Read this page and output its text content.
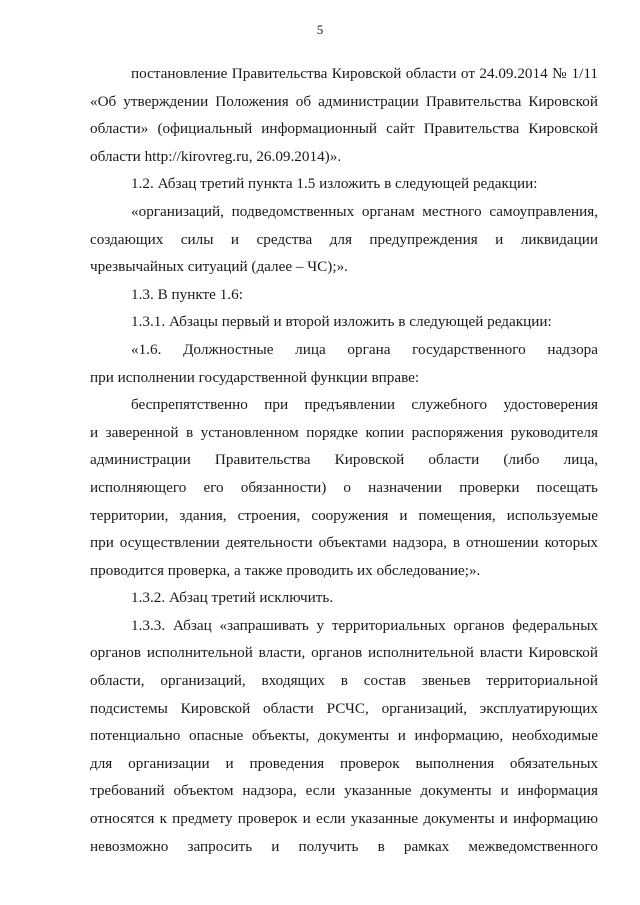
5
постановление Правительства Кировской области от 24.09.2014 № 1/11
«Об утверждении Положения об администрации Правительства Кировской
области» (официальный информационный сайт Правительства Кировской
области http://kirovreg.ru, 26.09.2014)».
1.2. Абзац третий пункта 1.5 изложить в следующей редакции:
«организаций, подведомственных органам местного самоуправления,
создающих силы и средства для предупреждения и ликвидации
чрезвычайных ситуаций (далее – ЧС);».
1.3. В пункте 1.6:
1.3.1. Абзацы первый и второй изложить в следующей редакции:
«1.6. Должностные лица органа государственного надзора
при исполнении государственной функции вправе:
беспрепятственно при предъявлении служебного удостоверения
и заверенной в установленном порядке копии распоряжения руководителя
администрации Правительства Кировской области (либо лица,
исполняющего его обязанности) о назначении проверки посещать
территории, здания, строения, сооружения и помещения, используемые
при осуществлении деятельности объектами надзора, в отношении которых
проводится проверка, а также проводить их обследование;».
1.3.2. Абзац третий исключить.
1.3.3. Абзац «запрашивать у территориальных органов федеральных
органов исполнительной власти, органов исполнительной власти Кировской
области, организаций, входящих в состав звеньев территориальной
подсистемы Кировской области РСЧС, организаций, эксплуатирующих
потенциально опасные объекты, документы и информацию, необходимые
для организации и проведения проверок выполнения обязательных
требований объектом надзора, если указанные документы и информация
относятся к предмету проверок и если указанные документы и информацию
невозможно запросить и получить в рамках межведомственного
